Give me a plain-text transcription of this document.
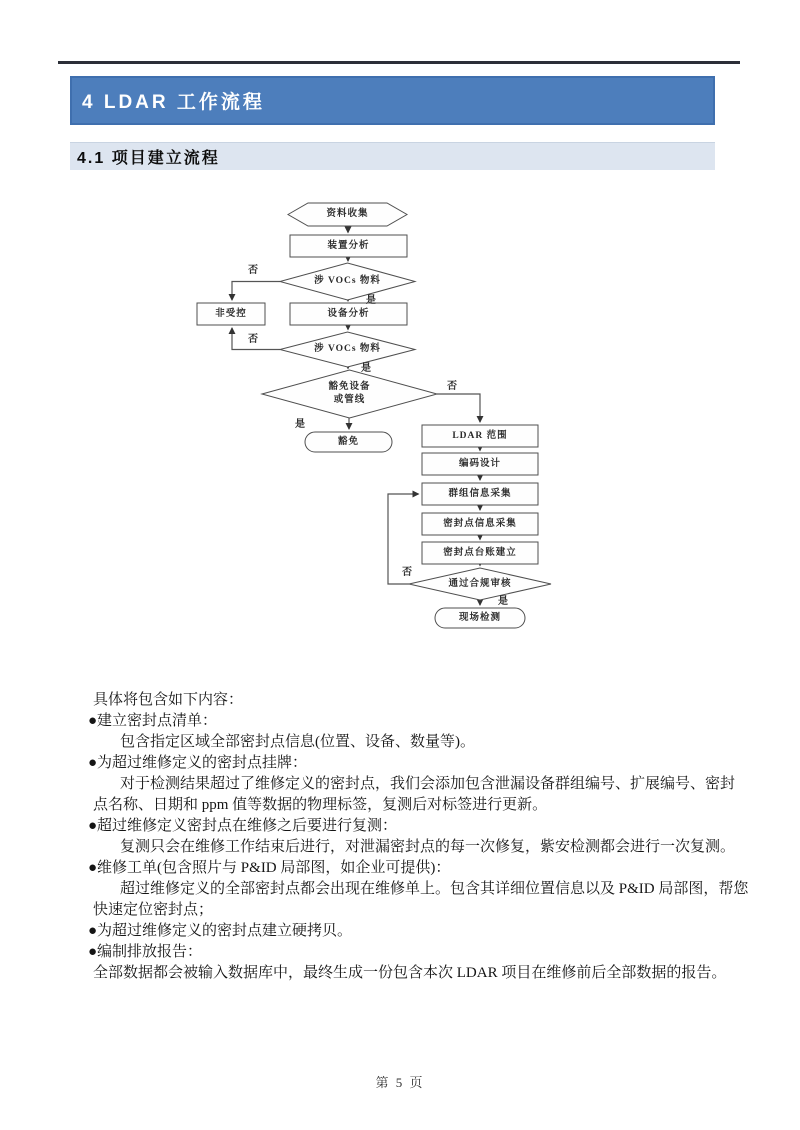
4 LDAR 工作流程
4.1 项目建立流程
资料收集
装置分析
涉 VOCs 物料
非受控	设备分析
涉 VOCs 物料
豁免设备
或管线
豁免
LDAR 范围
编码设计
群组信息采集
密封点信息采集
密封点台账建立
通过合规审核
现场检测
否
是
否
是
否
是
否
是
具体将包含如下内容：
●建立密封点清单：
包含指定区域全部密封点信息(位置、设备、数量等)。
●为超过维修定义的密封点挂牌：
对于检测结果超过了维修定义的密封点，我们会添加包含泄漏设备群组编号、扩展编号、密封
点名称、日期和 ppm 值等数据的物理标签，复测后对标签进行更新。
●超过维修定义密封点在维修之后要进行复测：
复测只会在维修工作结束后进行，对泄漏密封点的每一次修复，紫安检测都会进行一次复测。
●维修工单(包含照片与 P&ID 局部图，如企业可提供)：
超过维修定义的全部密封点都会出现在维修单上。包含其详细位置信息以及 P&ID 局部图，帮您
快速定位密封点；
●为超过维修定义的密封点建立硬拷贝。
●编制排放报告：
全部数据都会被输入数据库中，最终生成一份包含本次 LDAR 项目在维修前后全部数据的报告。
第 5 页
